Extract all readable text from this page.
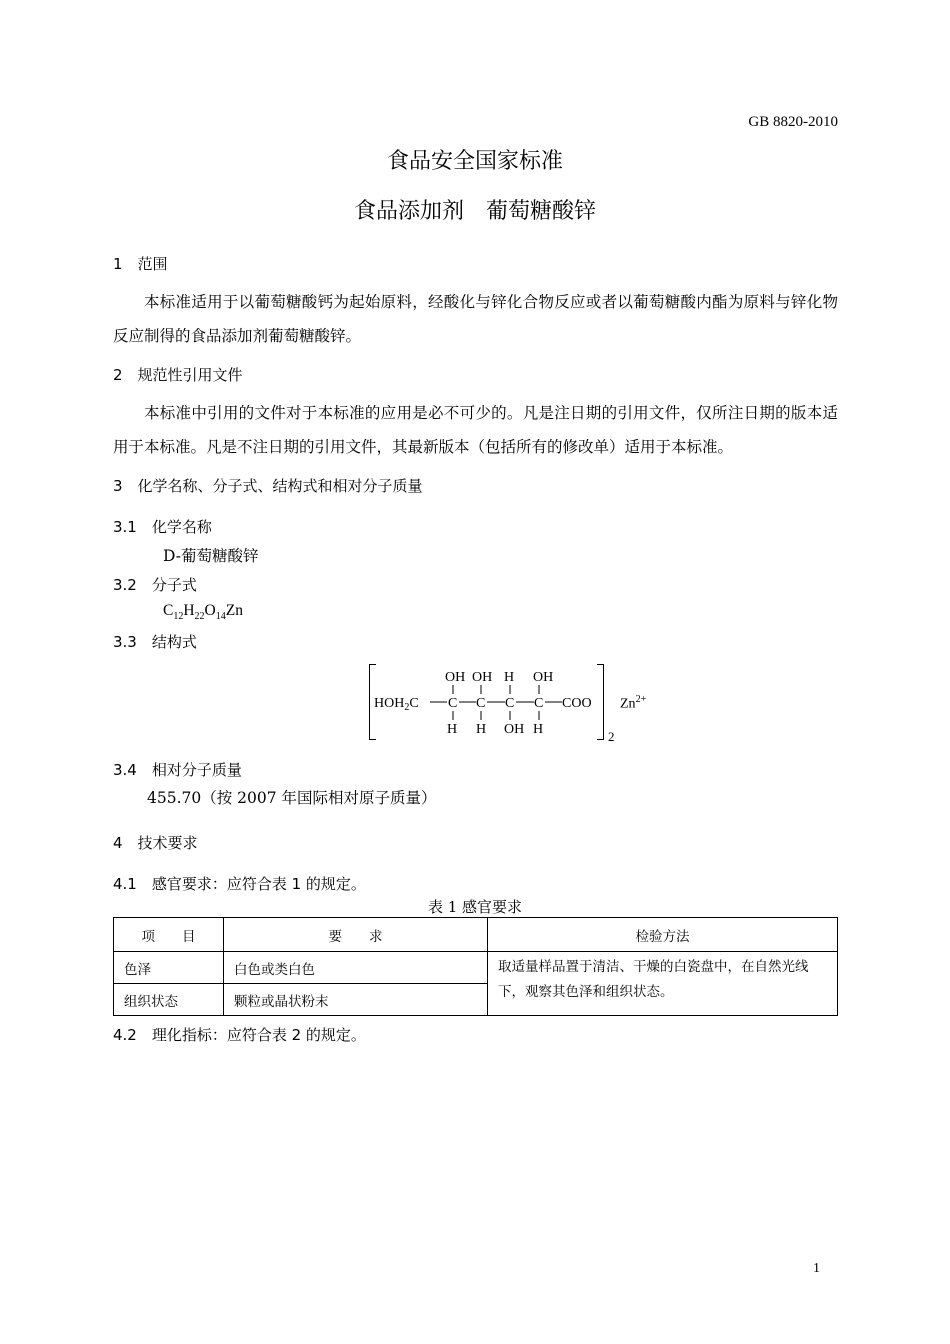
GB 8820-2010
食品安全国家标准
食品添加剂　葡萄糖酸锌
1　范围
本标准适用于以葡萄糖酸钙为起始原料，经酸化与锌化合物反应或者以葡萄糖酸内酯为原料与锌化物反应制得的食品添加剂葡萄糖酸锌。
2　规范性引用文件
本标准中引用的文件对于本标准的应用是必不可少的。凡是注日期的引用文件，仅所注日期的版本适用于本标准。凡是不注日期的引用文件，其最新版本（包括所有的修改单）适用于本标准。
3　化学名称、分子式、结构式和相对分子质量
3.1　化学名称
D-葡萄糖酸锌
3.2　分子式
$C_{12}H_{22}O_{14}Zn$
3.3　结构式
OH OH H OH
$HOH_2C$ C C C C COO
H H OH H	2
$Zn^{2+}$
3.4　相对分子质量
455.70（按 2007 年国际相对原子质量）
4　技术要求
4.1　感官要求：应符合表 1 的规定。
表 1 感官要求
项　　目	要　　求	检验方法
色泽	白色或类白色	取适量样品置于清洁、干燥的白瓷盘中，在自然光线下，观察其色泽和组织状态。
组织状态	颗粒或晶状粉末	
4.2　理化指标：应符合表 2 的规定。
1
